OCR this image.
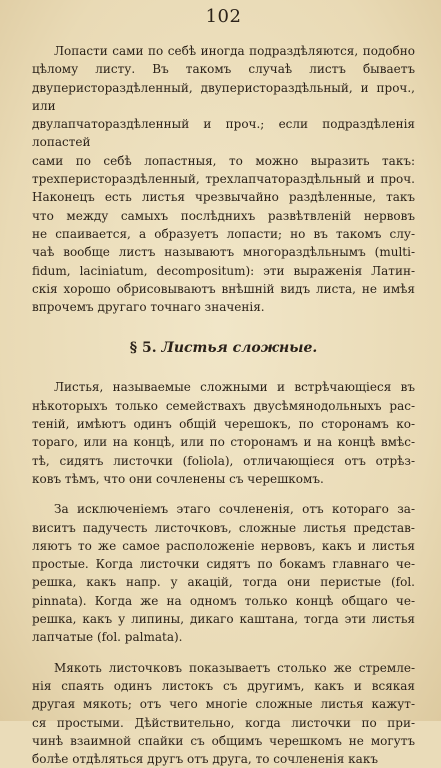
102

Лопасти сами по себѣ иногда подраздѣляются, подобно
цѣлому листу. Въ такомъ случаѣ листъ бываетъ
двуперистораздѣленный, двуперистораздѣльный, и проч., или
двулапчатораздѣленный и проч.; если подраздѣленія лопастей
сами по себѣ лопастныя, то можно выразить такъ:
трехперистораздѣленный, трехлапчатораздѣльный и проч.
Наконецъ есть листья чрезвычайно раздѣленные, такъ
что между самыхъ послѣднихъ развѣтвленій нервовъ
не спаивается, а образуетъ лопасти; но въ такомъ слу-
чаѣ вообще листъ называютъ многораздѣльнымъ (multi-
fidum, laciniatum, decompositum): эти выраженія Латин-
скія хорошо обрисовываютъ внѣшній видъ листа, не имѣя
впрочемъ другаго точнаго значенія.

§ 5. Листья сложные.

Листья, называемые сложными и встрѣчающіеся въ
нѣкоторыхъ только семействахъ двусѣмянодольныхъ рас-
теній, имѣютъ одинъ общій черешокъ, по сторонамъ ко-
тораго, или на концѣ, или по сторонамъ и на концѣ вмѣс-
тѣ, сидятъ листочки (foliola), отличающіеся отъ отрѣз-
ковъ тѣмъ, что они сочленены съ черешкомъ.

За исключеніемъ этаго сочлененія, отъ котораго за-
виситъ падучесть листочковъ, сложные листья представ-
ляютъ то же самое расположеніе нервовъ, какъ и листья
простые. Когда листочки сидятъ по бокамъ главнаго че-
решка, какъ напр. у акацій, тогда они перистые (fol.
pinnata). Когда же на одномъ только концѣ общаго че-
решка, какъ у липины, дикаго каштана, тогда эти листья
лапчатые (fol. palmata).

Мякоть листочковъ показываетъ столько же стремле-
нія спаять одинъ листокъ съ другимъ, какъ и всякая
другая мякоть; отъ чего многіе сложные листья кажут-
ся простыми. Дѣйствительно, когда листочки по при-
чинѣ взаимной спайки съ общимъ черешкомъ не могутъ
болѣе отдѣляться другъ отъ друга, то сочлененія какъ
